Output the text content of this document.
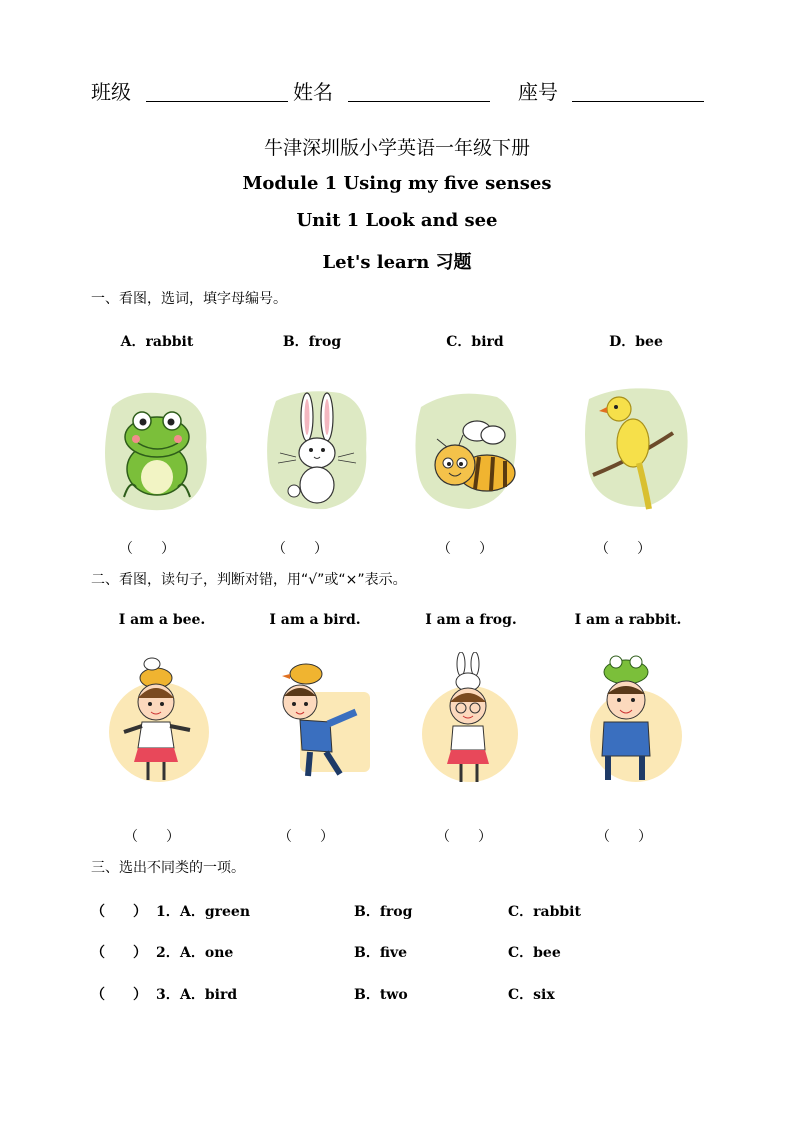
班级	姓名	座号
牛津深圳版小学英语一年级下册
Module 1 Using my five senses
Unit 1 Look and see
Let's learn 习题
一、看图，选词，填字母编号。
A．rabbit	B．frog	C．bird	D．bee
（　　）	（　　）	（　　）	（　　）
二、看图，读句子，判断对错，用“√”或“×”表示。
I am a bee.	I am a bird.	I am a frog.	I am a rabbit.
（　　）	（　　）	（　　）	（　　）
三、选出不同类的一项。
（　　） 1． A．green	B．frog	C．rabbit
（　　） 2． A．one	B．five	C．bee
（　　） 3． A．bird	B．two	C．six
